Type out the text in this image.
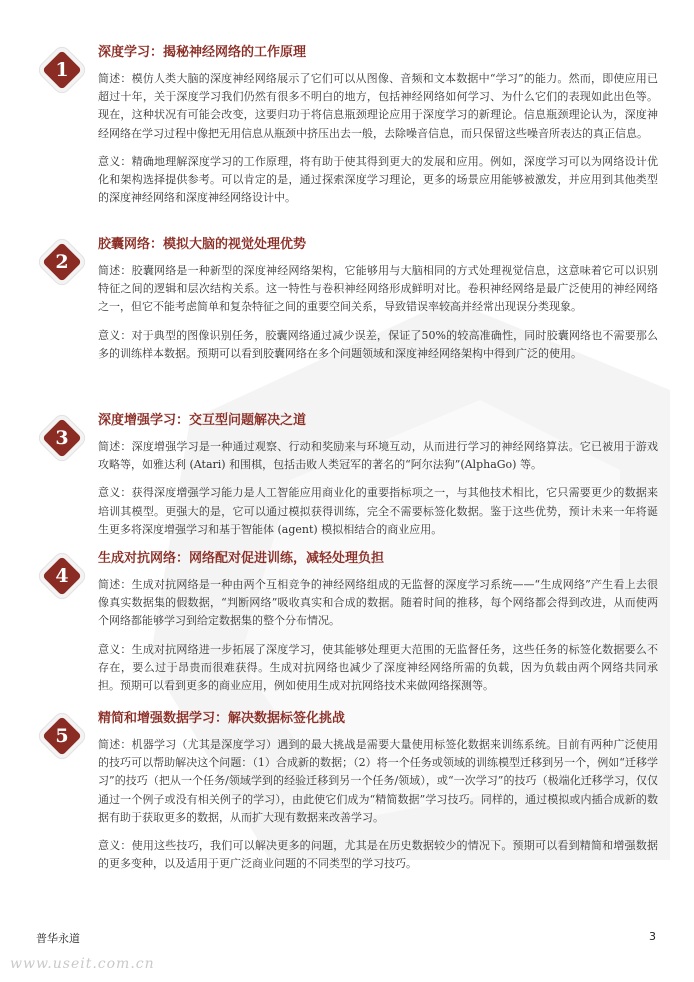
1
深度学习：揭秘神经网络的工作原理

简述：模仿人类大脑的深度神经网络展示了它们可以从图像、音频和文本数据中“学习”的能力。然而，即使应用已超过十年，关于深度学习我们仍然有很多不明白的地方，包括神经网络如何学习、为什么它们的表现如此出色等。现在，这种状况有可能会改变，这要归功于将信息瓶颈理论应用于深度学习的新理论。信息瓶颈理论认为，深度神经网络在学习过程中像把无用信息从瓶颈中挤压出去一般，去除噪音信息，而只保留这些噪音所表达的真正信息。

意义：精确地理解深度学习的工作原理，将有助于使其得到更大的发展和应用。例如，深度学习可以为网络设计优化和架构选择提供参考。可以肯定的是，通过探索深度学习理论，更多的场景应用能够被激发，并应用到其他类型的深度神经网络和深度神经网络设计中。

2
胶囊网络：模拟大脑的视觉处理优势

简述：胶囊网络是一种新型的深度神经网络架构，它能够用与大脑相同的方式处理视觉信息，这意味着它可以识别特征之间的逻辑和层次结构关系。这一特性与卷积神经网络形成鲜明对比。卷积神经网络是最广泛使用的神经网络之一，但它不能考虑简单和复杂特征之间的重要空间关系，导致错误率较高并经常出现误分类现象。

意义：对于典型的图像识别任务，胶囊网络通过减少误差，保证了50%的较高准确性，同时胶囊网络也不需要那么多的训练样本数据。预期可以看到胶囊网络在多个问题领域和深度神经网络架构中得到广泛的使用。

3
深度增强学习：交互型问题解决之道

简述：深度增强学习是一种通过观察、行动和奖励来与环境互动，从而进行学习的神经网络算法。它已被用于游戏攻略等，如雅达利 (Atari) 和围棋，包括击败人类冠军的著名的“阿尔法狗”(AlphaGo) 等。

意义：获得深度增强学习能力是人工智能应用商业化的重要指标项之一，与其他技术相比，它只需要更少的数据来培训其模型。更强大的是，它可以通过模拟获得训练，完全不需要标签化数据。鉴于这些优势，预计未来一年将诞生更多将深度增强学习和基于智能体 (agent) 模拟相结合的商业应用。

4
生成对抗网络：网络配对促进训练，减轻处理负担

简述：生成对抗网络是一种由两个互相竞争的神经网络组成的无监督的深度学习系统——“生成网络”产生看上去很像真实数据集的假数据，“判断网络”吸收真实和合成的数据。随着时间的推移，每个网络都会得到改进，从而使两个网络都能够学习到给定数据集的整个分布情况。

意义：生成对抗网络进一步拓展了深度学习，使其能够处理更大范围的无监督任务，这些任务的标签化数据要么不存在，要么过于昂贵而很难获得。生成对抗网络也减少了深度神经网络所需的负载，因为负载由两个网络共同承担。预期可以看到更多的商业应用，例如使用生成对抗网络技术来做网络探测等。

5
精简和增强数据学习：解决数据标签化挑战

简述：机器学习（尤其是深度学习）遇到的最大挑战是需要大量使用标签化数据来训练系统。目前有两种广泛使用的技巧可以帮助解决这个问题：（1）合成新的数据；（2）将一个任务或领域的训练模型迁移到另一个，例如“迁移学习”的技巧（把从一个任务/领域学到的经验迁移到另一个任务/领域），或“一次学习”的技巧（极端化迁移学习，仅仅通过一个例子或没有相关例子的学习），由此使它们成为“精简数据”学习技巧。同样的，通过模拟或内插合成新的数据有助于获取更多的数据，从而扩大现有数据来改善学习。

意义：使用这些技巧，我们可以解决更多的问题，尤其是在历史数据较少的情况下。预期可以看到精简和增强数据的更多变种，以及适用于更广泛商业问题的不同类型的学习技巧。

普华永道	3
www.useit.com.cn
